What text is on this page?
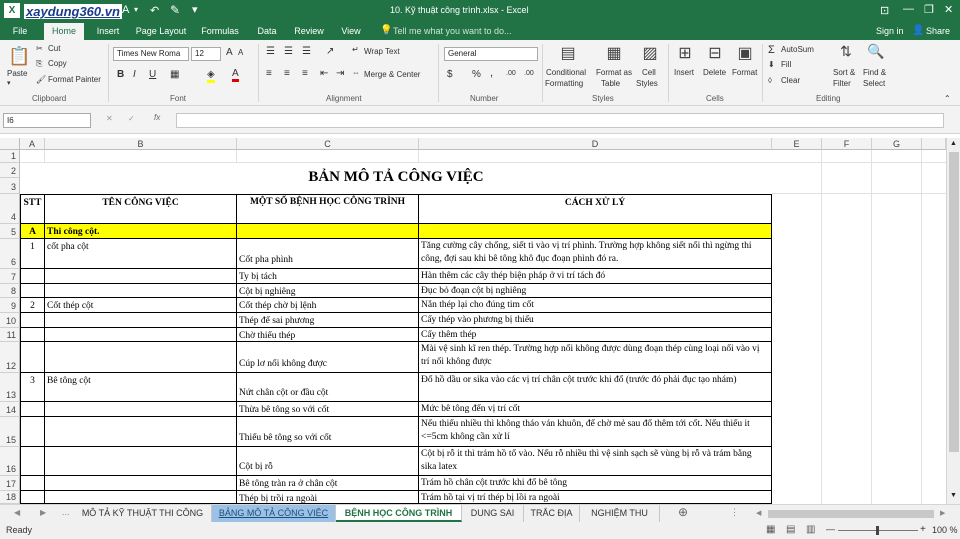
X xaydung360.vn A ▾ ↶ ✎ ▾	10. Kỹ thuật công trình.xlsx - Excel	⊡ — ❐ ✕
File	Home	Insert	Page Layout	Formulas	Data	Review	View	💡 Tell me what you want to do...	Sign in 👤 Share
📋
Paste
▾
✂ Cut
⎘ Copy
🖌 Format Painter
Clipboard
Times New Roma	12	A A
B I U ▦	◈ A
Font
☰ ☰ ☰ ↗ ↵ Wrap Text
≡ ≡ ≡ ⇤ ⇥ ⇔ Merge & Center
Alignment
General
$ % , .00 .00
Number
▤
Conditional
Formatting
▦
Format as
Table
▨
Cell
Styles
Styles
⊞
Insert
⊟
Delete
▣
Format
Cells
Σ AutoSum
⬇ Fill
◊ Clear
⇅
Sort &
Filter
🔍
Find &
Select
Editing	⌃
I6	✕ ✓ fx
A	B	C	D	E	F	G
1
2
3
4
5
6
7
8
9
10
11
12
13
14
15
16
17
18
BẢN MÔ TẢ CÔNG VIỆC
STT	TÊN CÔNG VIỆC	MỘT SỐ BỆNH HỌC CÔNG TRÌNH	CÁCH XỬ LÝ
A	Thi công cột.
1	cốt pha cột
Cốt pha phình
Tăng cường cây chống, siết ti vào vị trí phình. Trường hợp không siết nổi thì ngừng thi công, đợi sau khi bê tông khô đục đoạn phình đó ra.
Ty bị tách	Hàn thêm các cây thép biện pháp ở vi trí tách đó
Cột bị nghiêng	Đục bỏ đoạn cột bị nghiêng
2	Cốt thép cột	Cốt thép chờ bị lệnh	Nắn thép lại cho đúng tim cốt
Thép để sai phương	Cấy thép vào phương bị thiếu
Chờ thiếu thép	Cấy thêm thép
Cúp lơ nối không được
Mài vệ sinh kĩ ren thép. Trường hợp nối không được dùng đoạn thép cùng loại nối vào vị trí nối không được
3	Bê tông cột
Nứt chân cột or đầu cột
Đổ hồ dầu or sika vào các vị trí chân cột trước khi đổ (trước đó phải đục tạo nhám)
Thừa bê tông so với cốt	Mức bê tông đến vị trí cốt
Thiếu bê tông so với cốt
Nếu thiếu nhiều thì không tháo ván khuôn, để chờ mẻ sau đổ thêm tới cốt. Nếu thiếu it <=5cm không cần xử lí
Cột bị rỗ
Cột bị rỗ it thì trám hồ tổ vào. Nếu rỗ nhiều thì vệ sinh sạch sẽ vùng bị rỗ và trám bằng sika latex
Bê tông tràn ra ở chân cột	Trám hồ chân cột trước khi đổ bê tông
Thép bị trồi ra ngoài	Trám hồ tại vị trí thép bị lồi ra ngoài
▲
▼
◀ ▶ ...	MÔ TẢ KỸ THUẬT THI CÔNG	BẢNG MÔ TẢ CÔNG VIỆC	BỆNH HỌC CÔNG TRÌNH	DUNG SAI	TRẮC ĐỊA	NGHIỆM THU	⊕	⋮ ◀	▶
Ready	▦ ▤ ▥ —	+ 100 %
